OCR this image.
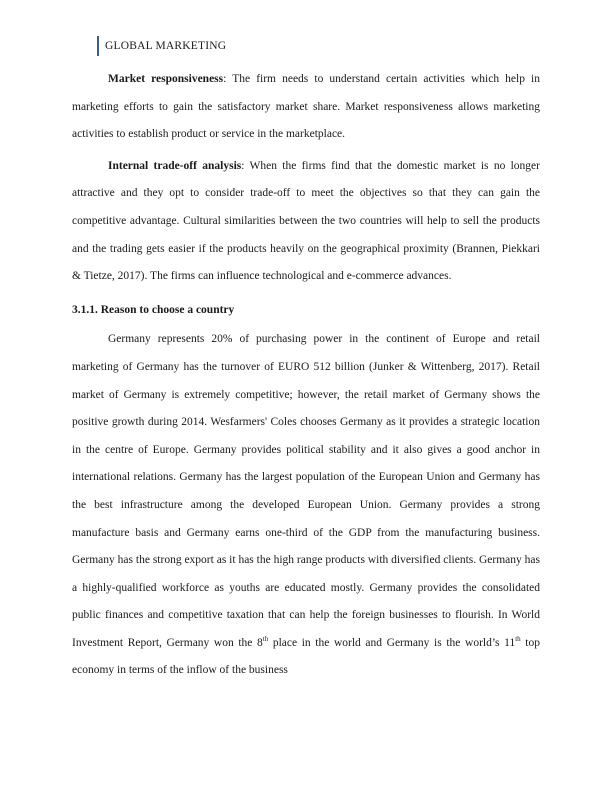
GLOBAL MARKETING

Market responsiveness: The firm needs to understand certain activities which help in marketing efforts to gain the satisfactory market share. Market responsiveness allows marketing activities to establish product or service in the marketplace.

Internal trade-off analysis: When the firms find that the domestic market is no longer attractive and they opt to consider trade-off to meet the objectives so that they can gain the competitive advantage. Cultural similarities between the two countries will help to sell the products and the trading gets easier if the products heavily on the geographical proximity (Brannen, Piekkari & Tietze, 2017). The firms can influence technological and e-commerce advances.

3.1.1. Reason to choose a country

Germany represents 20% of purchasing power in the continent of Europe and retail marketing of Germany has the turnover of EURO 512 billion (Junker & Wittenberg, 2017). Retail market of Germany is extremely competitive; however, the retail market of Germany shows the positive growth during 2014. Wesfarmers' Coles chooses Germany as it provides a strategic location in the centre of Europe. Germany provides political stability and it also gives a good anchor in international relations. Germany has the largest population of the European Union and Germany has the best infrastructure among the developed European Union. Germany provides a strong manufacture basis and Germany earns one-third of the GDP from the manufacturing business. Germany has the strong export as it has the high range products with diversified clients. Germany has a highly-qualified workforce as youths are educated mostly. Germany provides the consolidated public finances and competitive taxation that can help the foreign businesses to flourish. In World Investment Report, Germany won the 8th place in the world and Germany is the world’s 11th top economy in terms of the inflow of the business
